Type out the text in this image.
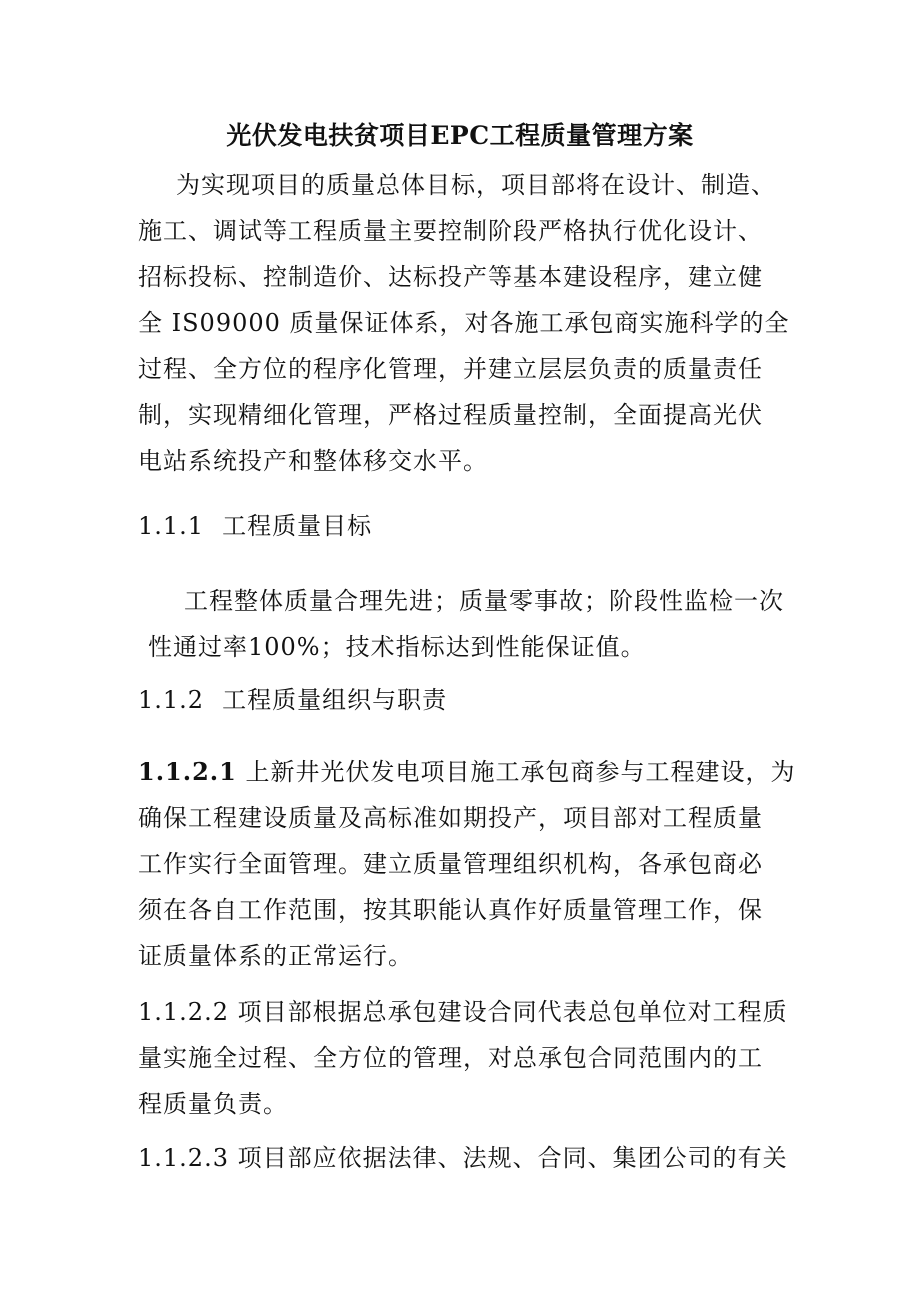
光伏发电扶贫项目EPC工程质量管理方案
为实现项目的质量总体目标，项目部将在设计、制造、
施工、调试等工程质量主要控制阶段严格执行优化设计、
招标投标、控制造价、达标投产等基本建设程序，建立健
全 IS09000 质量保证体系，对各施工承包商实施科学的全
过程、全方位的程序化管理，并建立层层负责的质量责任
制，实现精细化管理，严格过程质量控制，全面提高光伏
电站系统投产和整体移交水平。
1.1.1 工程质量目标
工程整体质量合理先进；质量零事故；阶段性监检一次
性通过率100%；技术指标达到性能保证值。
1.1.2 工程质量组织与职责
1.1.2.1 上新井光伏发电项目施工承包商参与工程建设，为
确保工程建设质量及高标准如期投产，项目部对工程质量
工作实行全面管理。建立质量管理组织机构，各承包商必
须在各自工作范围，按其职能认真作好质量管理工作，保
证质量体系的正常运行。
1.1.2.2 项目部根据总承包建设合同代表总包单位对工程质
量实施全过程、全方位的管理，对总承包合同范围内的工
程质量负责。
1.1.2.3 项目部应依据法律、法规、合同、集团公司的有关
